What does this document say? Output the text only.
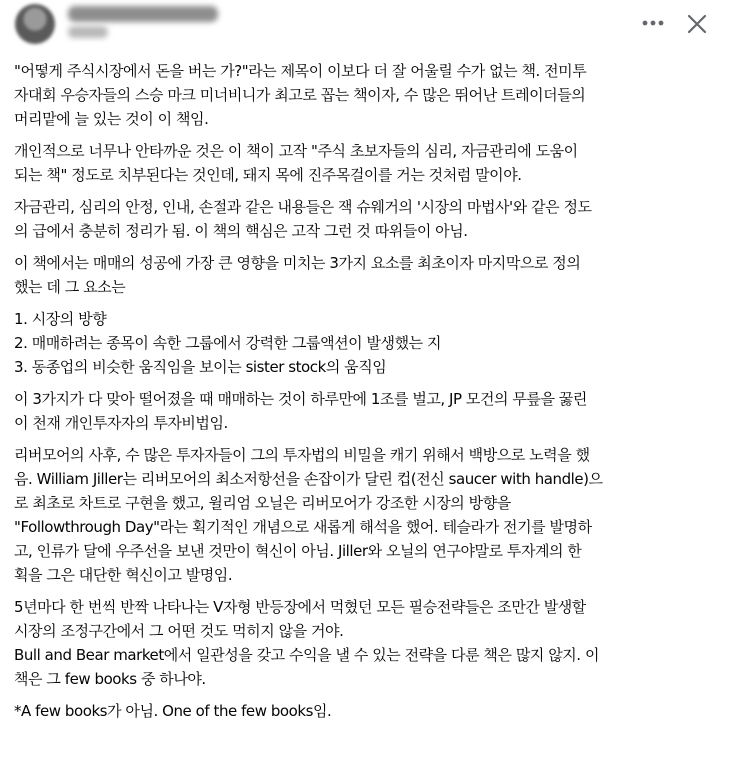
"어떻게 주식시장에서 돈을 버는 가?"라는 제목이 이보다 더 잘 어울릴 수가 없는 책. 전미투
자대회 우승자들의 스승 마크 미너비니가 최고로 꼽는 책이자, 수 많은 뛰어난 트레이더들의
머리맡에 늘 있는 것이 이 책임.

개인적으로 너무나 안타까운 것은 이 책이 고작 "주식 초보자들의 심리, 자금관리에 도움이
되는 책" 정도로 치부된다는 것인데, 돼지 목에 진주목걸이를 거는 것처럼 말이야.

자금관리, 심리의 안정, 인내, 손절과 같은 내용들은 잭 슈웨거의 '시장의 마법사'와 같은 정도
의 급에서 충분히 정리가 됨. 이 책의 핵심은 고작 그런 것 따위들이 아님.

이 책에서는 매매의 성공에 가장 큰 영향을 미치는 3가지 요소를 최초이자 마지막으로 정의
했는 데 그 요소는

1. 시장의 방향
2. 매매하려는 종목이 속한 그룹에서 강력한 그룹액션이 발생했는 지
3. 동종업의 비슷한 움직임을 보이는 sister stock의 움직임

이 3가지가 다 맞아 떨어졌을 때 매매하는 것이 하루만에 1조를 벌고, JP 모건의 무릎을 꿇린
이 천재 개인투자자의 투자비법임.

리버모어의 사후, 수 많은 투자자들이 그의 투자법의 비밀을 캐기 위해서 백방으로 노력을 했
음. William Jiller는 리버모어의 최소저항선을 손잡이가 달린 컵(전신 saucer with handle)으
로 최초로 차트로 구현을 했고, 윌리엄 오닐은 리버모어가 강조한 시장의 방향을
"Followthrough Day"라는 획기적인 개념으로 새롭게 해석을 했어. 테슬라가 전기를 발명하
고, 인류가 달에 우주선을 보낸 것만이 혁신이 아님. Jiller와 오닐의 연구야말로 투자계의 한
획을 그은 대단한 혁신이고 발명임.

5년마다 한 번씩 반짝 나타나는 V자형 반등장에서 먹혔던 모든 필승전략들은 조만간 발생할
시장의 조정구간에서 그 어떤 것도 먹히지 않을 거야.
Bull and Bear market에서 일관성을 갖고 수익을 낼 수 있는 전략을 다룬 책은 많지 않지. 이
책은 그 few books 중 하나야.

*A few books가 아님. One of the few books임.
